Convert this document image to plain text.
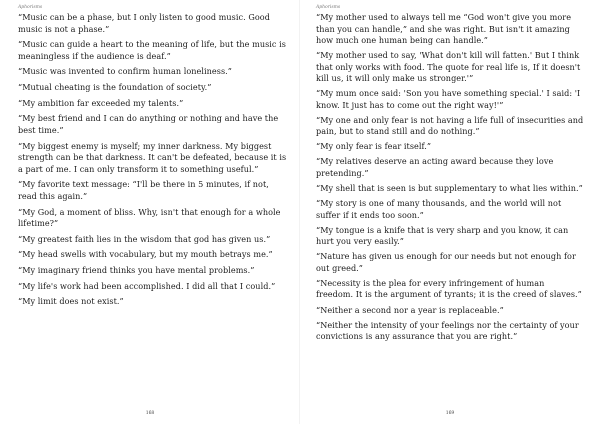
Aphorisms
“Music can be a phase, but I only listen to good music. Good music is not a phase.”
“Music can guide a heart to the meaning of life, but the music is meaningless if the audience is deaf.”
“Music was invented to confirm human loneliness.”
“Mutual cheating is the foundation of society.”
“My ambition far exceeded my talents.”
“My best friend and I can do anything or nothing and have the best time.”
“My biggest enemy is myself; my inner darkness. My biggest strength can be that darkness. It can't be defeated, because it is a part of me. I can only transform it to something useful.”
“My favorite text message: “I'll be there in 5 minutes, if not, read this again.”
“My God, a moment of bliss. Why, isn't that enough for a whole lifetime?”
“My greatest faith lies in the wisdom that god has given us.”
“My head swells with vocabulary, but my mouth betrays me.”
“My imaginary friend thinks you have mental problems.”
“My life's work had been accomplished. I did all that I could.”
“My limit does not exist.”
168
Aphorisms
“My mother used to always tell me “God won't give you more than you can handle,” and she was right. But isn't it amazing how much one human being can handle.”
“My mother used to say, 'What don't kill will fatten.' But I think that only works with food. The quote for real life is, If it doesn't kill us, it will only make us stronger.'”
“My mum once said: 'Son you have something special.' I said: 'I know. It just has to come out the right way!'”
“My one and only fear is not having a life full of insecurities and pain, but to stand still and do nothing.”
“My only fear is fear itself.”
“My relatives deserve an acting award because they love pretending.”
“My shell that is seen is but supplementary to what lies within.”
“My story is one of many thousands, and the world will not suffer if it ends too soon.”
“My tongue is a knife that is very sharp and you know, it can hurt you very easily.”
“Nature has given us enough for our needs but not enough for out greed.”
“Necessity is the plea for every infringement of human freedom. It is the argument of tyrants; it is the creed of slaves.”
“Neither a second nor a year is replaceable.”
“Neither the intensity of your feelings nor the certainty of your convictions is any assurance that you are right.”
169
